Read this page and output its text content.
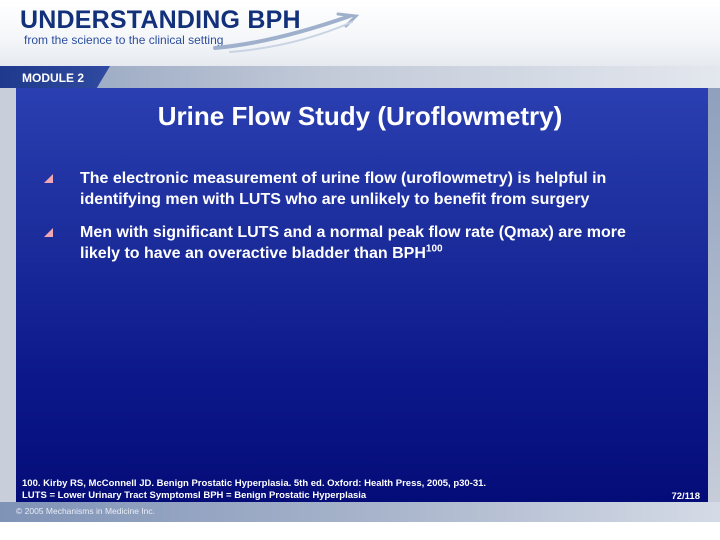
UNDERSTANDING BPH
from the science to the clinical setting
MODULE 2
Urine Flow Study (Uroflowmetry)
The electronic measurement of urine flow (uroflowmetry) is helpful in identifying men with LUTS who are unlikely to benefit from surgery
Men with significant LUTS and a normal peak flow rate (Qmax) are more likely to have an overactive bladder than BPH$^{100}$
100. Kirby RS, McConnell JD. Benign Prostatic Hyperplasia. 5th ed. Oxford: Health Press, 2005, p30-31.
LUTS = Lower Urinary Tract SymptomsI BPH = Benign Prostatic Hyperplasia	72/118
© 2005 Mechanisms in Medicine Inc.
